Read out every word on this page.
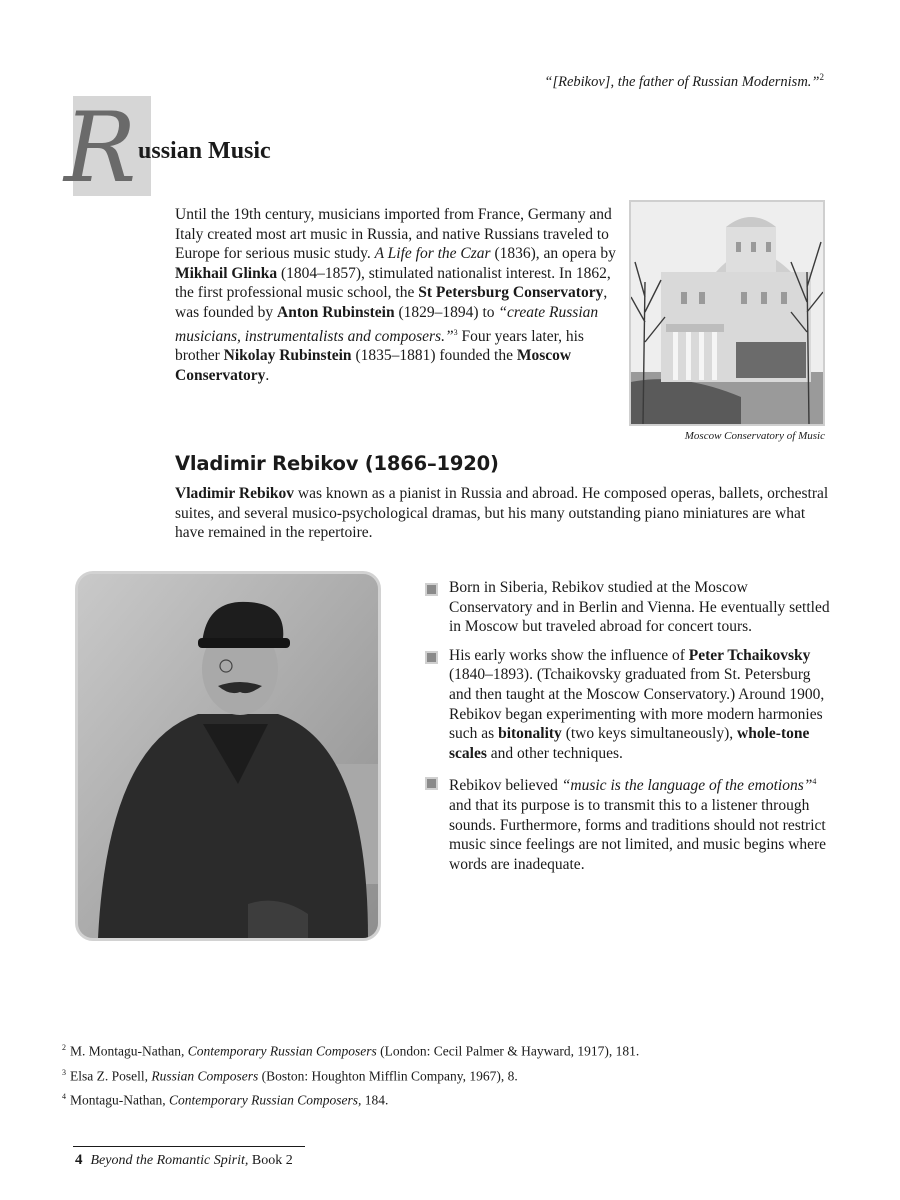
“[Rebikov], the father of Russian Modernism.”$^2$
R ussian Music
Until the 19th century, musicians imported from France, Germany and Italy created most art music in Russia, and native Russians traveled to Europe for serious music study. A Life for the Czar (1836), an opera by Mikhail Glinka (1804–1857), stimulated nationalist interest. In 1862, the first professional music school, the St Petersburg Conservatory, was founded by Anton Rubinstein (1829–1894) to “create Russian musicians, instrumentalists and composers.”$^3$ Four years later, his brother Nikolay Rubinstein (1835–1881) founded the Moscow Conservatory.
Moscow Conservatory of Music
Vladimir Rebikov (1866–1920)
Vladimir Rebikov was known as a pianist in Russia and abroad. He composed operas, ballets, orchestral suites, and several musico-psychological dramas, but his many outstanding piano miniatures are what have remained in the repertoire.
Born in Siberia, Rebikov studied at the Moscow Conservatory and in Berlin and Vienna. He eventually settled in Moscow but traveled abroad for concert tours.
His early works show the influence of Peter Tchaikovsky (1840–1893). (Tchaikovsky graduated from St. Petersburg and then taught at the Moscow Conservatory.) Around 1900, Rebikov began experimenting with more modern harmonies such as bitonality (two keys simultaneously), whole-tone scales and other techniques.
Rebikov believed “music is the language of the emotions”$^4$ and that its purpose is to transmit this to a listener through sounds. Furthermore, forms and traditions should not restrict music since feelings are not limited, and music begins where words are inadequate.
$^2$ M. Montagu-Nathan, Contemporary Russian Composers (London: Cecil Palmer & Hayward, 1917), 181.
$^3$ Elsa Z. Posell, Russian Composers (Boston: Houghton Mifflin Company, 1967), 8.
$^4$ Montagu-Nathan, Contemporary Russian Composers, 184.
4 Beyond the Romantic Spirit, Book 2
